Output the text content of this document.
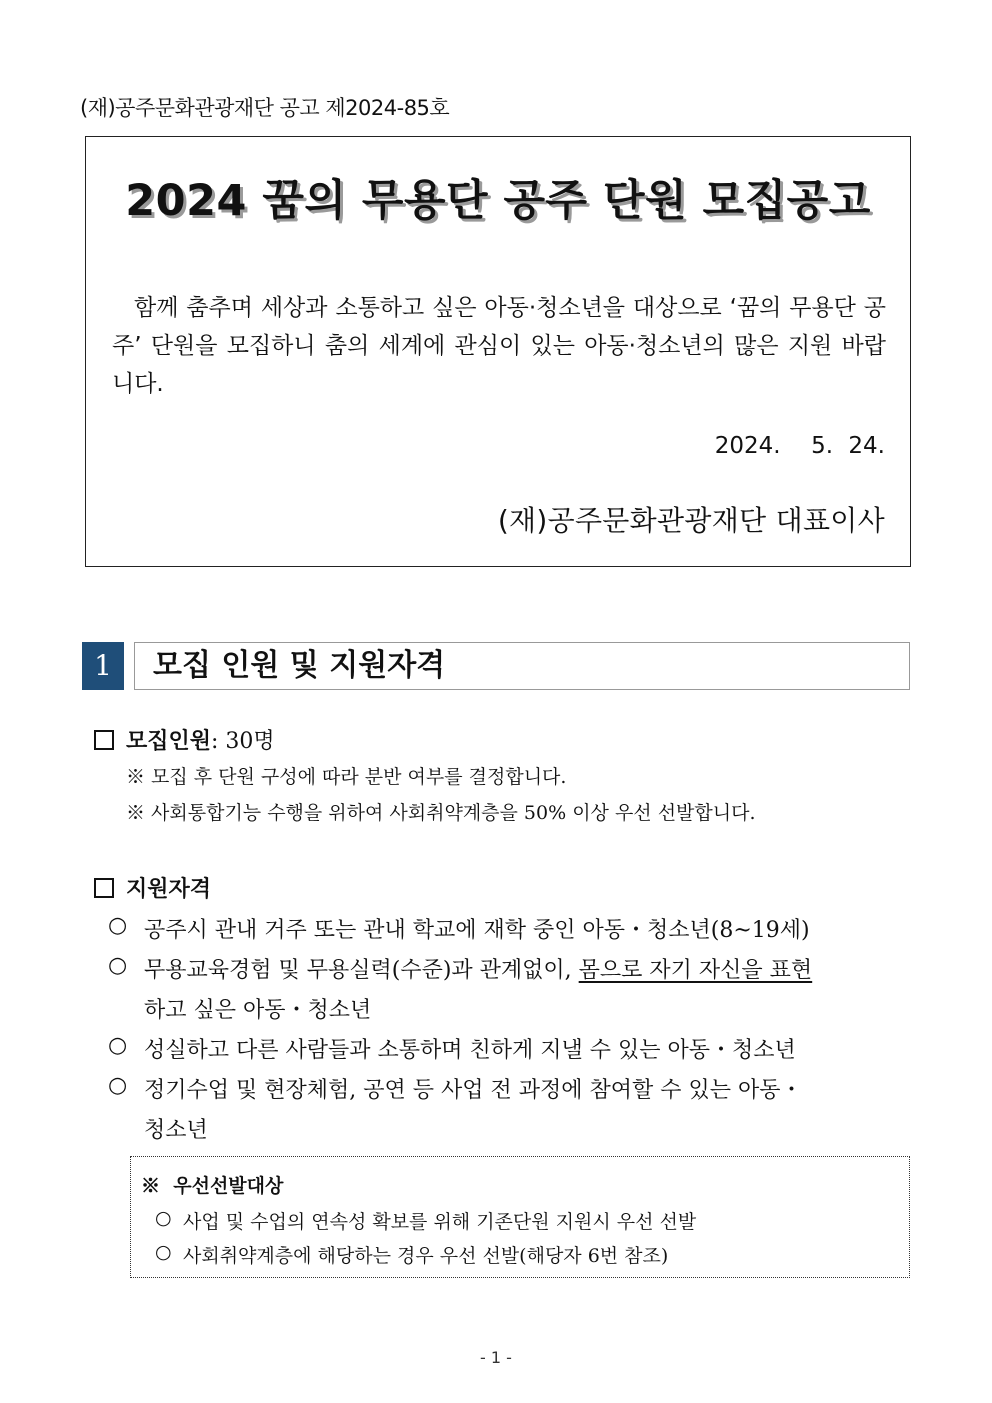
(재)공주문화관광재단 공고 제2024-85호
2024 꿈의 무용단 공주 단원 모집공고
함께 춤추며 세상과 소통하고 싶은 아동·청소년을 대상으로 ‘꿈의 무용단 공주’ 단원을 모집하니 춤의 세계에 관심이 있는 아동·청소년의 많은 지원 바랍니다.
2024.  5. 24.
(재)공주문화관광재단 대표이사
1	모집 인원 및 지원자격
모집인원: 30명
※ 모집 후 단원 구성에 따라 분반 여부를 결정합니다.
※ 사회통합기능 수행을 위하여 사회취약계층을 50% 이상 우선 선발합니다.
지원자격
○ 공주시 관내 거주 또는 관내 학교에 재학 중인 아동・청소년(8~19세)
○ 무용교육경험 및 무용실력(수준)과 관계없이, 몸으로 자기 자신을 표현
하고 싶은 아동・청소년
○ 성실하고 다른 사람들과 소통하며 친하게 지낼 수 있는 아동・청소년
○ 정기수업 및 현장체험, 공연 등 사업 전 과정에 참여할 수 있는 아동・
청소년
※  우선선발대상
○ 사업 및 수업의 연속성 확보를 위해 기존단원 지원시 우선 선발
○ 사회취약계층에 해당하는 경우 우선 선발(해당자 6번 참조)
- 1 -
